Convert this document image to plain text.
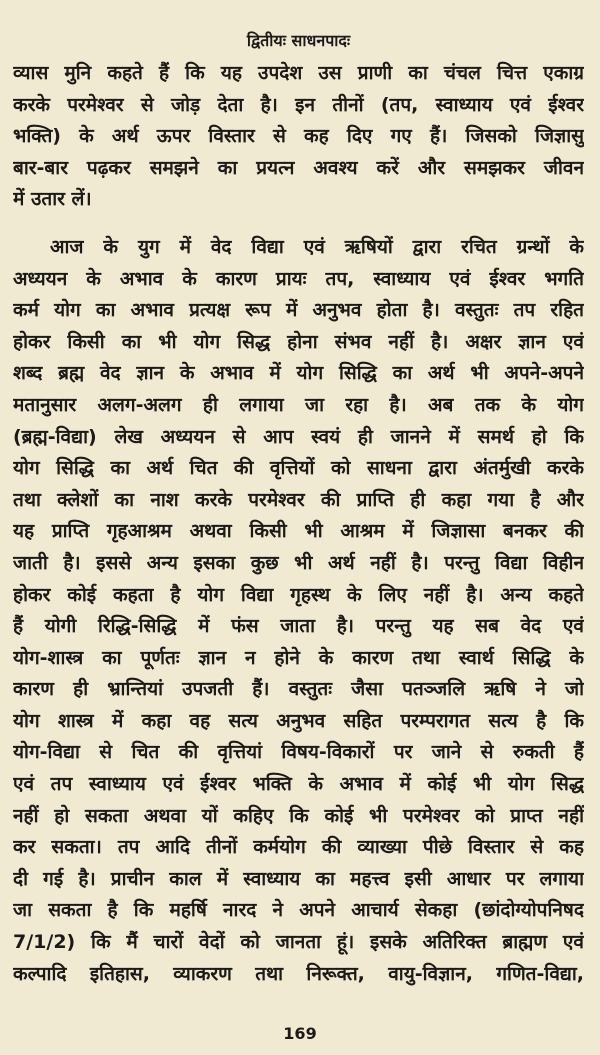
द्वितीयः साधनपादः
व्यास मुनि कहते हैं कि यह उपदेश उस प्राणी का चंचल चित्त एकाग्र
करके परमेश्वर से जोड़ देता है। इन तीनों (तप, स्वाध्याय एवं ईश्वर
भक्ति) के अर्थ ऊपर विस्तार से कह दिए गए हैं। जिसको जिज्ञासु
बार-बार पढ़कर समझने का प्रयत्न अवश्य करें और समझकर जीवन
में उतार लें।
आज के युग में वेद विद्या एवं ऋषियों द्वारा रचित ग्रन्थों के
अध्ययन के अभाव के कारण प्रायः तप, स्वाध्याय एवं ईश्वर भगति
कर्म योग का अभाव प्रत्यक्ष रूप में अनुभव होता है। वस्तुतः तप रहित
होकर किसी का भी योग सिद्ध होना संभव नहीं है। अक्षर ज्ञान एवं
शब्द ब्रह्म वेद ज्ञान के अभाव में योग सिद्धि का अर्थ भी अपने-अपने
मतानुसार अलग-अलग ही लगाया जा रहा है। अब तक के योग
(ब्रह्म-विद्या) लेख अध्ययन से आप स्वयं ही जानने में समर्थ हो कि
योग सिद्धि का अर्थ चित की वृत्तियों को साधना द्वारा अंतर्मुखी करके
तथा क्लेशों का नाश करके परमेश्वर की प्राप्ति ही कहा गया है और
यह प्राप्ति गृहआश्रम अथवा किसी भी आश्रम में जिज्ञासा बनकर की
जाती है। इससे अन्य इसका कुछ भी अर्थ नहीं है। परन्तु विद्या विहीन
होकर कोई कहता है योग विद्या गृहस्थ के लिए नहीं है। अन्य कहते
हैं योगी रिद्धि-सिद्धि में फंस जाता है। परन्तु यह सब वेद एवं
योग-शास्त्र का पूर्णतः ज्ञान न होने के कारण तथा स्वार्थ सिद्धि के
कारण ही भ्रान्तियां उपजती हैं। वस्तुतः जैसा पतञ्जलि ऋषि ने जो
योग शास्त्र में कहा वह सत्य अनुभव सहित परम्परागत सत्य है कि
योग-विद्या से चित की वृत्तियां विषय-विकारों पर जाने से रुकती हैं
एवं तप स्वाध्याय एवं ईश्वर भक्ति के अभाव में कोई भी योग सिद्ध
नहीं हो सकता अथवा यों कहिए कि कोई भी परमेश्वर को प्राप्त नहीं
कर सकता। तप आदि तीनों कर्मयोग की व्याख्या पीछे विस्तार से कह
दी गई है। प्राचीन काल में स्वाध्याय का महत्त्व इसी आधार पर लगाया
जा सकता है कि महर्षि नारद ने अपने आचार्य सेकहा (छांदोग्योपनिषद
7/1/2) कि मैं चारों वेदों को जानता हूं। इसके अतिरिक्त ब्राह्मण एवं
कल्पादि इतिहास, व्याकरण तथा निरूक्त, वायु-विज्ञान, गणित-विद्या,
169
